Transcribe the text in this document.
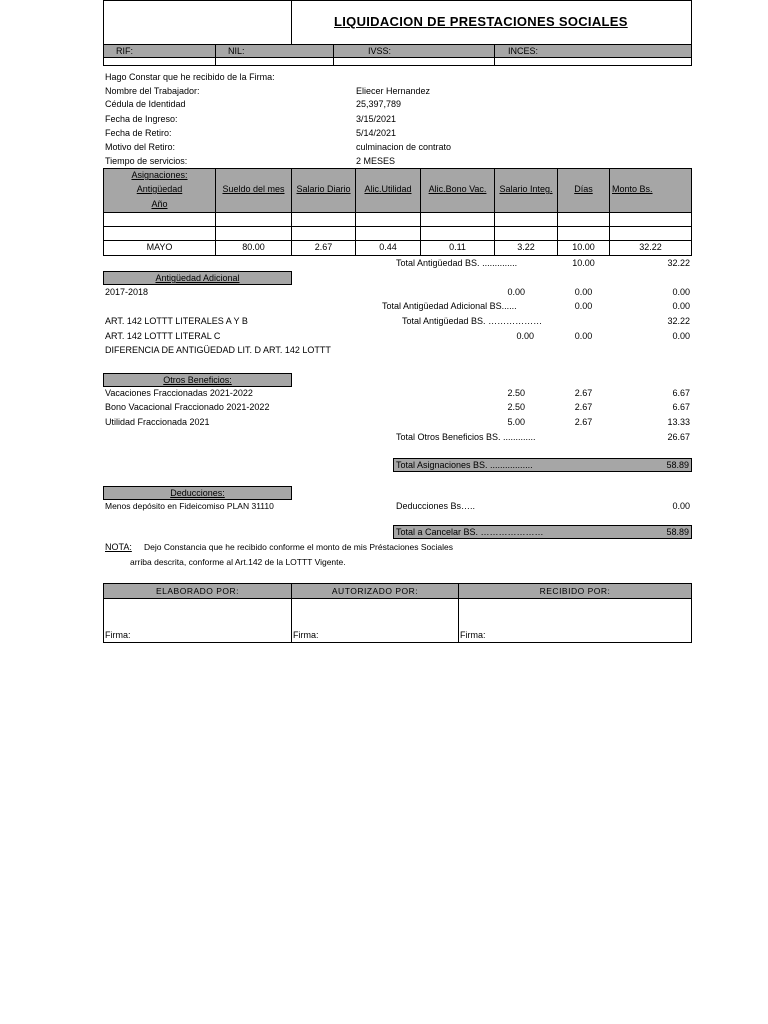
LIQUIDACION DE PRESTACIONES SOCIALES
RIF:	NIL:	IVSS:	INCES:
Hago Constar que he recibido de la Firma:
Nombre del Trabajador:	Eliecer Hernandez
Cédula de Identidad	25,397,789
Fecha de Ingreso:	3/15/2021
Fecha de Retiro:	5/14/2021
Motivo del Retiro:	culminacion de contrato
Tiempo de servicios:	2 MESES
Asignaciones:
Antigüedad
Año
Sueldo del mes	Salario Diario	Alic.Utilidad	Alic.Bono Vac.	Salario Integ.	Días	Monto Bs.
MAYO	80.00	2.67	0.44	0.11	3.22	10.00	32.22
Total Antigüedad BS. ..............	10.00	32.22
Antigüedad Adicional
2017-2018	0.00	0.00	0.00
Total Antigüedad Adicional BS......	0.00	0.00
ART. 142 LOTTT LITERALES A Y B	Total Antigüedad BS. ………………	32.22
ART. 142 LOTTT LITERAL C	0.00	0.00	0.00
DIFERENCIA DE ANTIGÜEDAD LIT. D ART. 142 LOTTT
Otros Beneficios:
Vacaciones Fraccionadas 2021-2022	2.50	2.67	6.67
Bono Vacacional Fraccionado 2021-2022	2.50	2.67	6.67
Utilidad Fraccionada 2021	5.00	2.67	13.33
Total Otros Beneficios BS. .............	26.67
Total Asignaciones BS. .................	58.89
Deducciones:
Menos depósito en Fideicomiso PLAN 31110	Deducciones Bs…..	0.00
Total a Cancelar BS. …………………	58.89
NOTA: Dejo Constancia que he recibido conforme el monto de mis Préstaciones Sociales
arriba descrita, conforme al Art.142 de la LOTTT Vigente.
ELABORADO POR:	AUTORIZADO POR:	RECIBIDO POR:
Firma:	Firma:	Firma:
